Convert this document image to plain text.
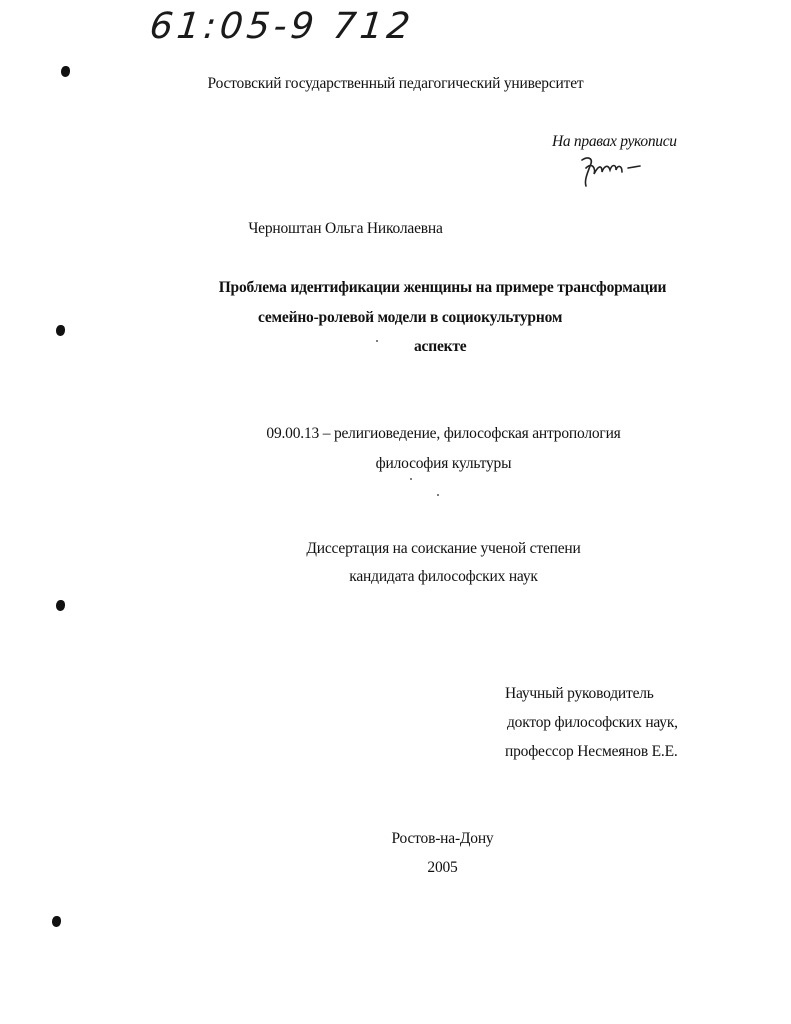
61:05-9 712
Ростовский государственный педагогический университет
На правах рукописи
Черноштан Ольга Николаевна
Проблема идентификации женщины на примере трансформации
семейно-ролевой модели в социокультурном
аспекте
09.00.13 – религиоведение, философская антропология
философия культуры
Диссертация на соискание ученой степени
кандидата философских наук
Научный руководитель
доктор философских наук,
профессор Несмеянов Е.Е.
Ростов-на-Дону
2005
